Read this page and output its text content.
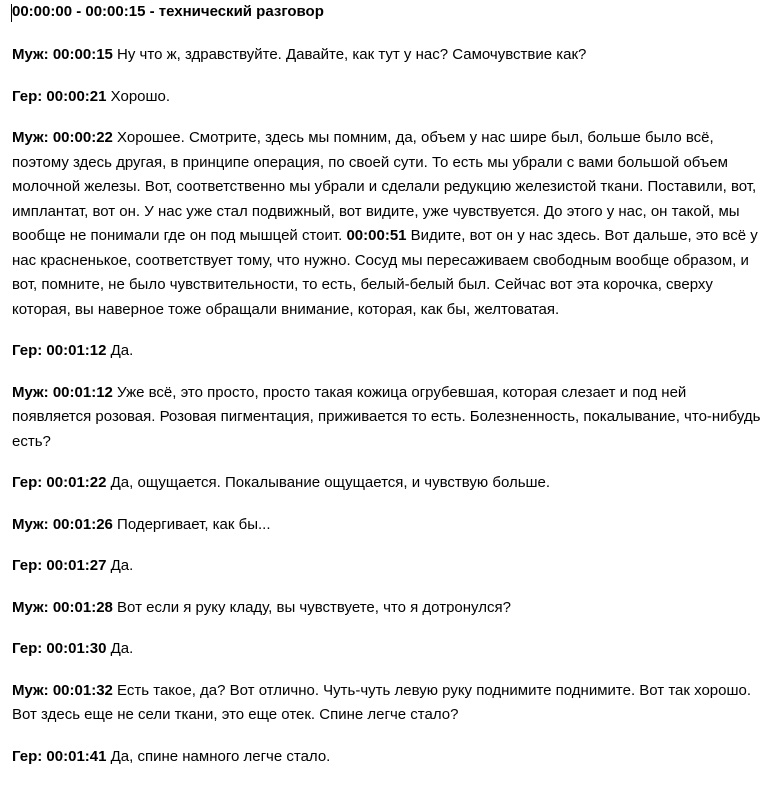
00:00:00 - 00:00:15 - технический разговор
Муж: 00:00:15 Ну что ж, здравствуйте. Давайте, как тут у нас? Самочувствие как?
Гер: 00:00:21 Хорошо.
Муж: 00:00:22 Хорошее. Смотрите, здесь мы помним, да, объем у нас шире был, больше было всё, поэтому здесь другая, в принципе операция, по своей сути. То есть мы убрали с вами большой объем молочной железы. Вот, соответственно мы убрали и сделали редукцию железистой ткани. Поставили, вот, имплантат, вот он. У нас уже стал подвижный, вот видите, уже чувствуется. До этого у нас, он такой, мы вообще не понимали где он под мышцей стоит. 00:00:51 Видите, вот он у нас здесь. Вот дальше, это всё у нас красненькое, соответствует тому, что нужно. Сосуд мы пересаживаем свободным вообще образом, и вот, помните, не было чувствительности, то есть, белый-белый был. Сейчас вот эта корочка, сверху которая, вы наверное тоже обращали внимание, которая, как бы, желтоватая.
Гер: 00:01:12 Да.
Муж: 00:01:12 Уже всё, это просто, просто такая кожица огрубевшая, которая слезает и под ней появляется розовая. Розовая пигментация, приживается то есть. Болезненность, покалывание, что-нибудь есть?
Гер: 00:01:22 Да, ощущается. Покалывание ощущается, и чувствую больше.
Муж: 00:01:26 Подергивает, как бы...
Гер: 00:01:27 Да.
Муж: 00:01:28 Вот если я руку кладу, вы чувствуете, что я дотронулся?
Гер: 00:01:30 Да.
Муж: 00:01:32 Есть такое, да? Вот отлично. Чуть-чуть левую руку поднимите поднимите. Вот так хорошо. Вот здесь еще не сели ткани, это еще отек. Спине легче стало?
Гер: 00:01:41 Да, спине намного легче стало.
